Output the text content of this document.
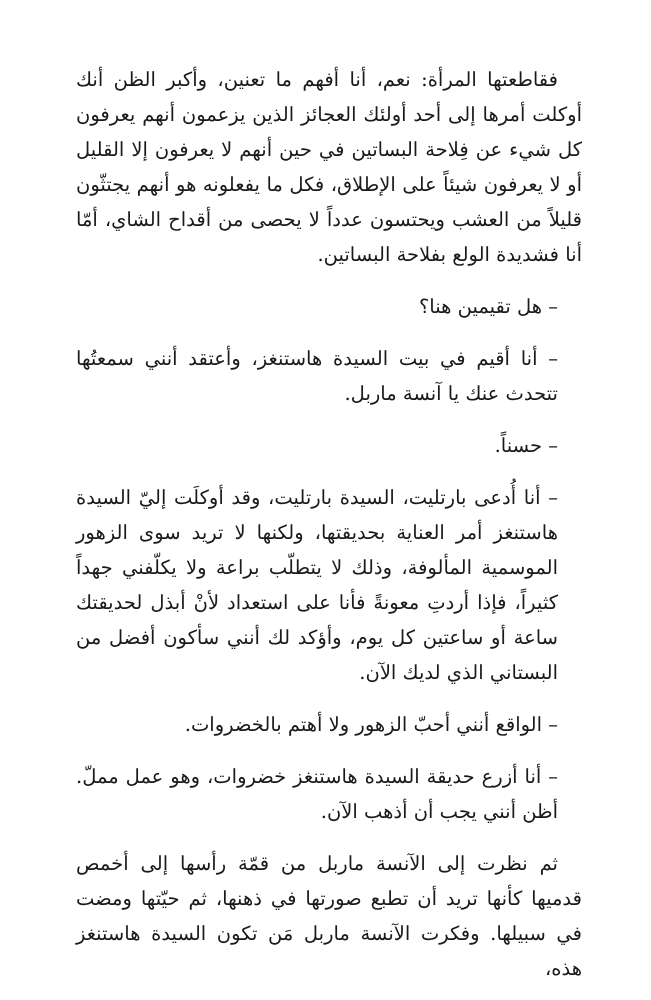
فقاطعتها المرأة: نعم، أنا أفهم ما تعنين، وأكبر الظن أنك أوكلت أمرها إلى أحد أولئك العجائز الذين يزعمون أنهم يعرفون كل شيء عن فِلاحة البساتين في حين أنهم لا يعرفون إلا القليل أو لا يعرفون شيئاً على الإطلاق، فكل ما يفعلونه هو أنهم يجتثّون قليلاً من العشب ويحتسون عدداً لا يحصى من أقداح الشاي، أمّا أنا فشديدة الولع بفلاحة البساتين.

– هل تقيمين هنا؟

– أنا أقيم في بيت السيدة هاستنغز، وأعتقد أنني سمعتُها تتحدث عنك يا آنسة ماربل.

– حسناً.

– أنا أُدعى بارتليت، السيدة بارتليت، وقد أوكلَت إليّ السيدة هاستنغز أمر العناية بحديقتها، ولكنها لا تريد سوى الزهور الموسمية المألوفة، وذلك لا يتطلّب براعة ولا يكلّفني جهداً كثيراً، فإذا أردتِ معونةً فأنا على استعداد لأنْ أبذل لحديقتك ساعة أو ساعتين كل يوم، وأؤكد لك أنني سأكون أفضل من البستاني الذي لديك الآن.

– الواقع أنني أحبّ الزهور ولا أهتم بالخضروات.

– أنا أزرع حديقة السيدة هاستنغز خضروات، وهو عمل مملّ. أظن أنني يجب أن أذهب الآن.

ثم نظرت إلى الآنسة ماربل من قمّة رأسها إلى أخمص قدميها كأنها تريد أن تطبع صورتها في ذهنها، ثم حيّتها ومضت في سبيلها. وفكرت الآنسة ماربل مَن تكون السيدة هاستنغز هذه،
